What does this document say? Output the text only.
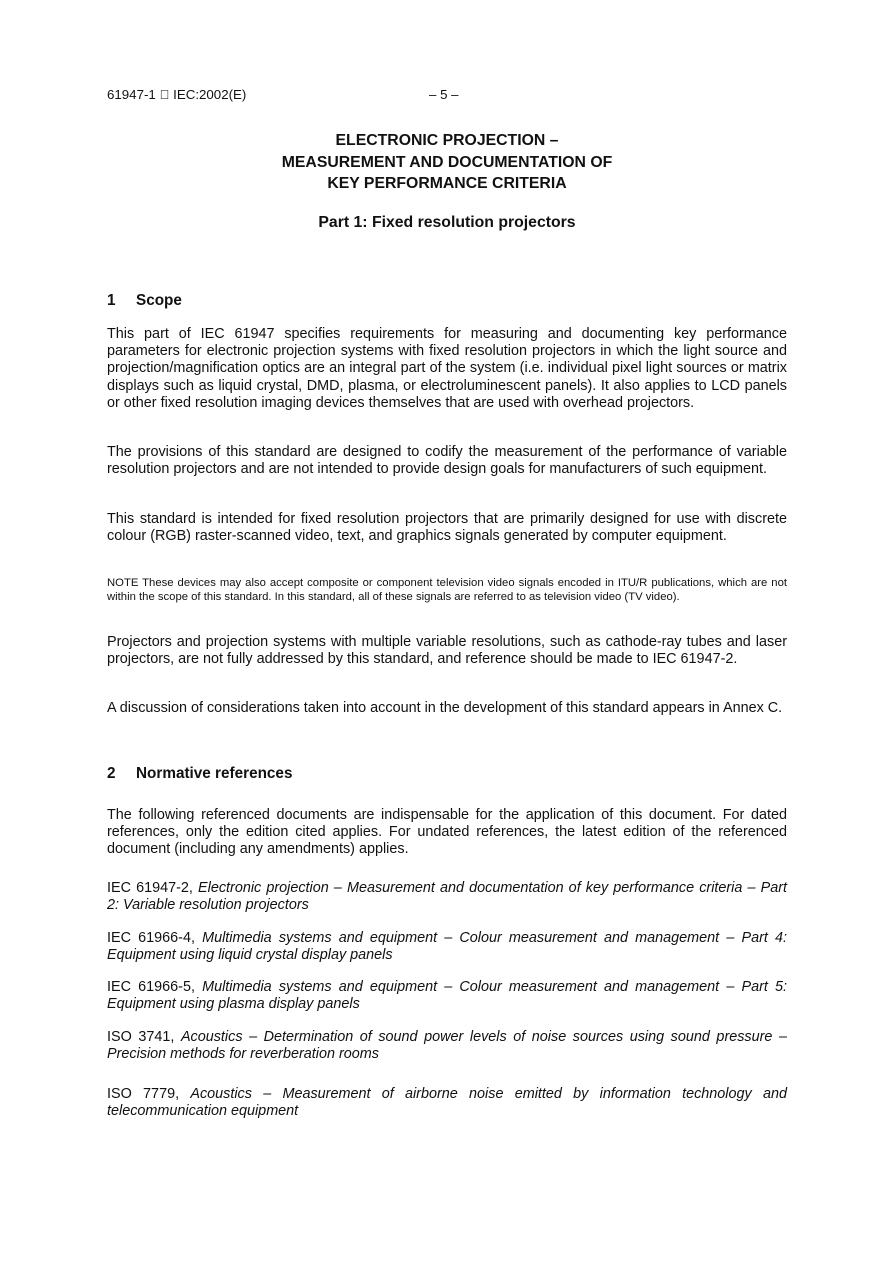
61947-1 IEC:2002(E)	– 5 –
ELECTRONIC PROJECTION –
MEASUREMENT AND DOCUMENTATION OF
KEY PERFORMANCE CRITERIA
Part 1: Fixed resolution projectors
1 Scope

This part of IEC 61947 specifies requirements for measuring and documenting key performance parameters for electronic projection systems with fixed resolution projectors in which the light source and projection/magnification optics are an integral part of the system (i.e. individual pixel light sources or matrix displays such as liquid crystal, DMD, plasma, or electroluminescent panels). It also applies to LCD panels or other fixed resolution imaging devices themselves that are used with overhead projectors.

The provisions of this standard are designed to codify the measurement of the performance of variable resolution projectors and are not intended to provide design goals for manufacturers of such equipment.

This standard is intended for fixed resolution projectors that are primarily designed for use with discrete colour (RGB) raster-scanned video, text, and graphics signals generated by computer equipment.

NOTE These devices may also accept composite or component television video signals encoded in ITU/R publications, which are not within the scope of this standard. In this standard, all of these signals are referred to as television video (TV video).

Projectors and projection systems with multiple variable resolutions, such as cathode-ray tubes and laser projectors, are not fully addressed by this standard, and reference should be made to IEC 61947-2.

A discussion of considerations taken into account in the development of this standard appears in Annex C.

2 Normative references

The following referenced documents are indispensable for the application of this document. For dated references, only the edition cited applies. For undated references, the latest edition of the referenced document (including any amendments) applies.

IEC 61947-2, Electronic projection – Measurement and documentation of key performance criteria – Part 2: Variable resolution projectors

IEC 61966-4, Multimedia systems and equipment – Colour measurement and management – Part 4: Equipment using liquid crystal display panels

IEC 61966-5, Multimedia systems and equipment – Colour measurement and management – Part 5: Equipment using plasma display panels

ISO 3741, Acoustics – Determination of sound power levels of noise sources using sound pressure – Precision methods for reverberation rooms

ISO 7779, Acoustics – Measurement of airborne noise emitted by information technology and telecommunication equipment
